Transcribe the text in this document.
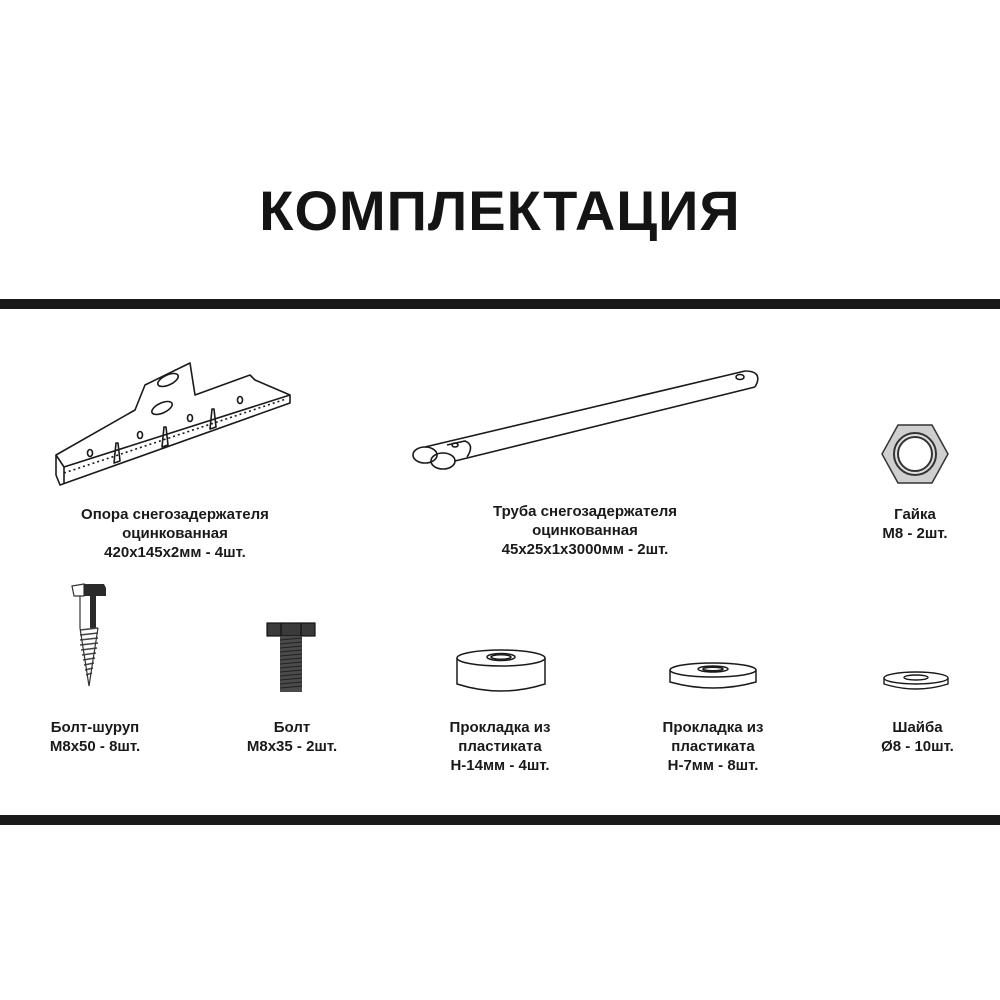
КОМПЛЕКТАЦИЯ
Опора снегозадержателя
оцинкованная
420х145х2мм - 4шт.
Труба снегозадержателя
оцинкованная
45х25х1х3000мм - 2шт.
Гайка
М8 - 2шт.
Болт-шуруп
М8х50 - 8шт.
Болт
М8х35 - 2шт.
Прокладка из
пластиката
Н-14мм - 4шт.
Прокладка из
пластиката
Н-7мм - 8шт.
Шайба
Ø8 - 10шт.
